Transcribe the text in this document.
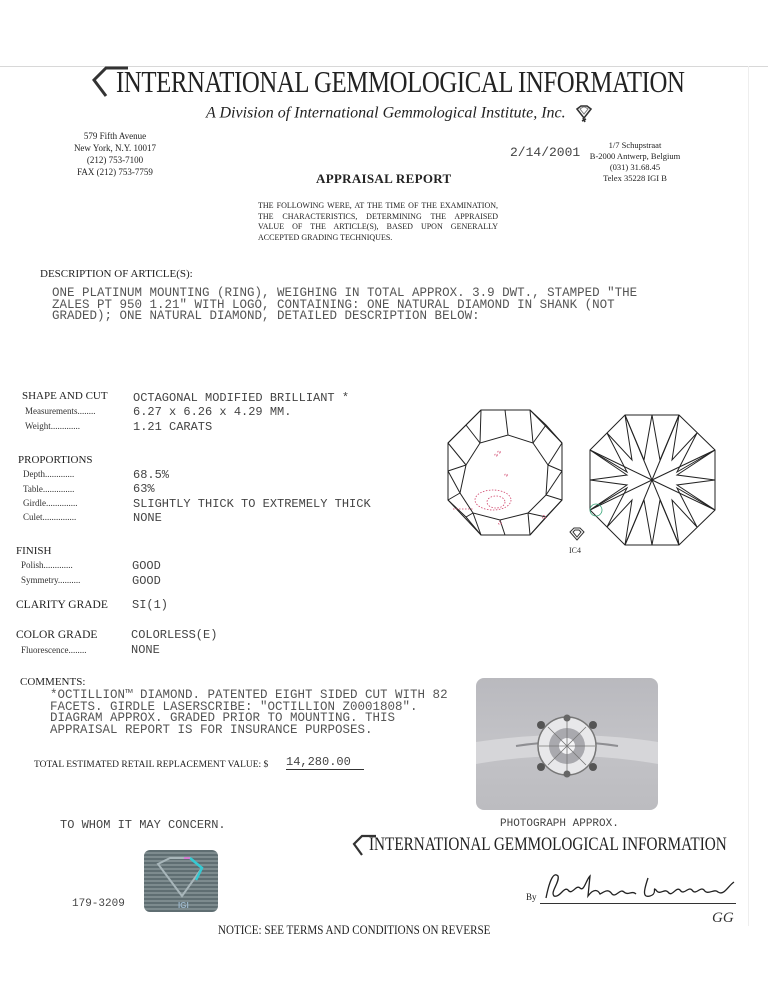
INTERNATIONAL GEMMOLOGICAL INFORMATION
A Division of International Gemmological Institute, Inc.
579 Fifth Avenue
New York, N.Y. 10017
(212) 753-7100
FAX (212) 753-7759
2/14/2001	1/7 Schupstraat
B-2000 Antwerp, Belgium
(031) 31.68.45
Telex 35228 IGI B
APPRAISAL REPORT
THE FOLLOWING WERE, AT THE TIME OF THE EXAMINATION, THE CHARACTERISTICS, DETERMINING THE APPRAISED VALUE OF THE ARTICLE(S), BASED UPON GENERALLY ACCEPTED GRADING TECHNIQUES.
DESCRIPTION OF ARTICLE(S):
ONE PLATINUM MOUNTING (RING), WEIGHING IN TOTAL APPROX. 3.9 DWT., STAMPED "THE
ZALES PT 950 1.21" WITH LOGO, CONTAINING: ONE NATURAL DIAMOND IN SHANK (NOT
GRADED); ONE NATURAL DIAMOND, DETAILED DESCRIPTION BELOW:
SHAPE AND CUT OCTAGONAL MODIFIED BRILLIANT *
Measurements........	6.27 x 6.26 x 4.29 MM.
Weight.............	1.21 CARATS
PROPORTIONS
Depth.............	68.5%
Table..............	63%
Girdle..............	SLIGHTLY THICK TO EXTREMELY THICK
Culet...............	NONE
FINISH
Polish.............	GOOD
Symmetry..........	GOOD
CLARITY GRADE SI(1)
COLOR GRADE	COLORLESS(E)
Fluorescence........	NONE
IC4
COMMENTS:
*OCTILLION™ DIAMOND. PATENTED EIGHT SIDED CUT WITH 82
FACETS. GIRDLE LASERSCRIBE: "OCTILLION Z0001808".
DIAGRAM APPROX. GRADED PRIOR TO MOUNTING. THIS
APPRAISAL REPORT IS FOR INSURANCE PURPOSES.
TOTAL ESTIMATED RETAIL REPLACEMENT VALUE: $ 14,280.00
PHOTOGRAPH APPROX.
TO WHOM IT MAY CONCERN.
INTERNATIONAL GEMMOLOGICAL INFORMATION
IGI
179-3209
By
GG
NOTICE: SEE TERMS AND CONDITIONS ON REVERSE
